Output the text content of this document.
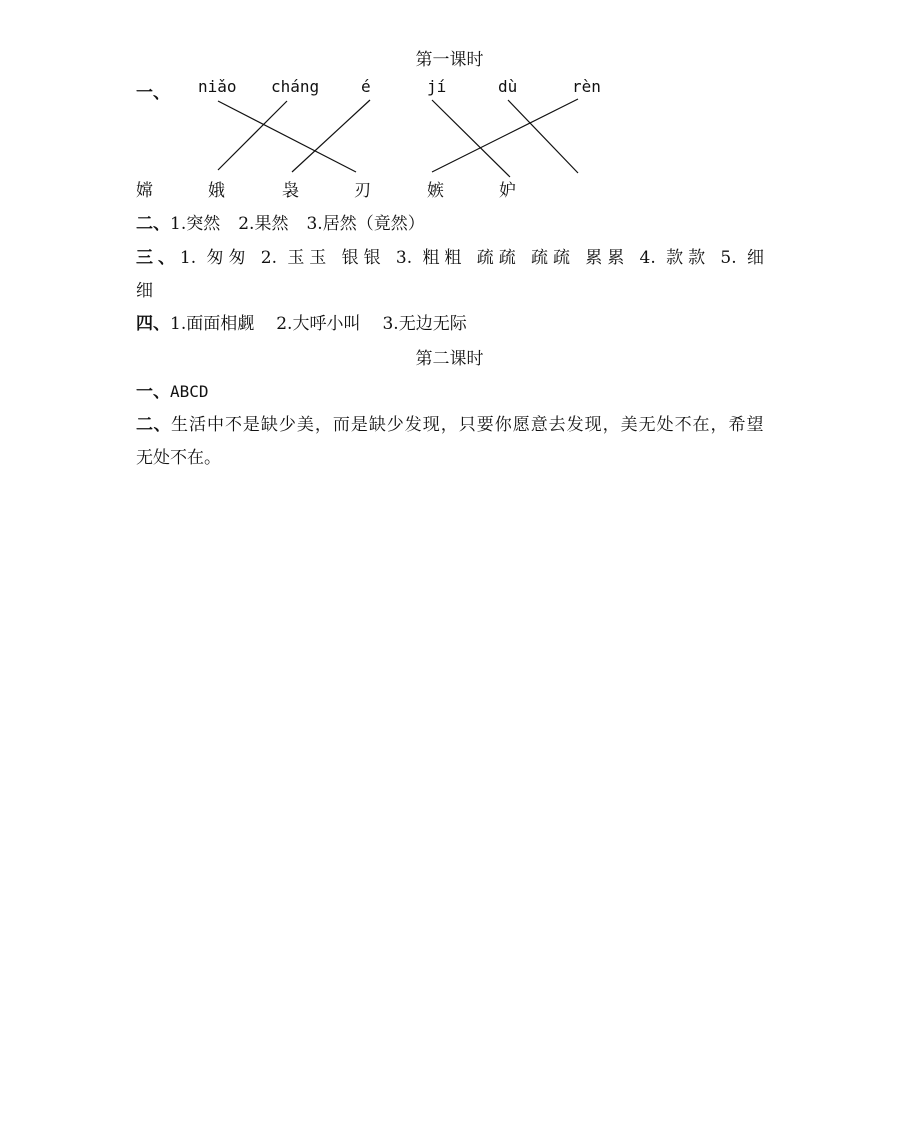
第一课时
一、 niǎo cháng	é	jí	dù	rèn
嫦	娥	袅	刃	嫉	妒
二、1.突然 2.果然 3.居然（竟然）
三、1. 匆匆 2. 玉玉 银银 3. 粗粗 疏疏 疏疏 累累 4. 款款 5. 细
细
四、1.面面相觑 2.大呼小叫 3.无边无际
第二课时
一、ABCD
二、生活中不是缺少美，而是缺少发现，只要你愿意去发现，美无处不在，希望
无处不在。
